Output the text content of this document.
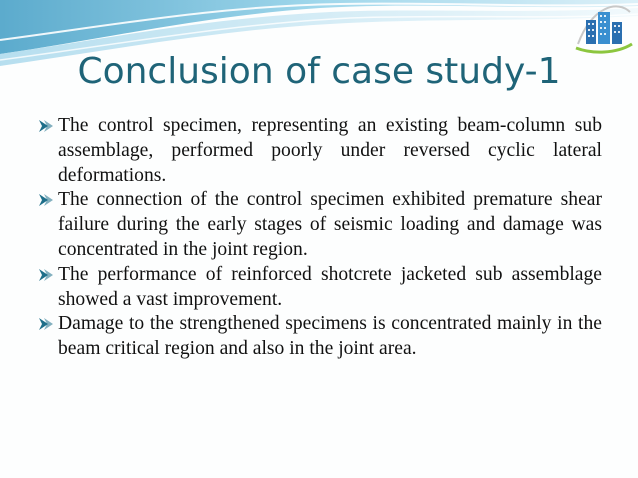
Conclusion of case study-1
The control specimen, representing an existing beam-column sub assemblage, performed poorly under reversed cyclic lateral deformations.
The connection of the control specimen exhibited premature shear failure during the early stages of seismic loading and damage was concentrated in the joint region.
The performance of reinforced shotcrete jacketed sub assemblage showed a vast improvement.
Damage to the strengthened specimens is concentrated mainly in the beam critical region and also in the joint area.
